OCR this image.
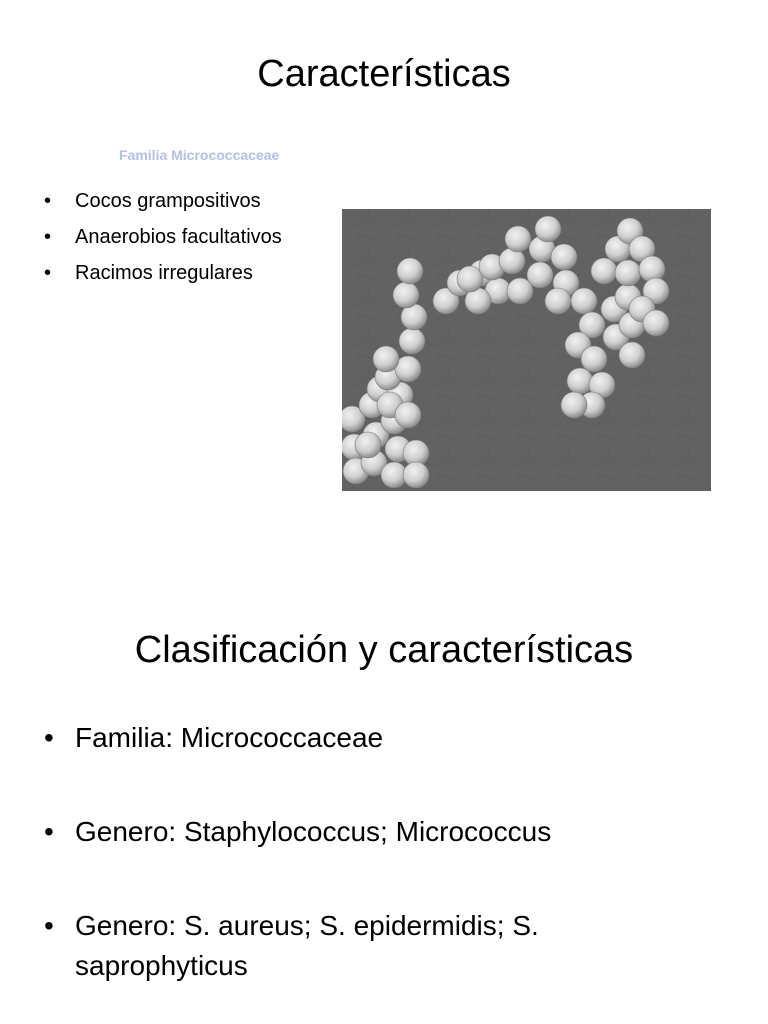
Características
Familia Micrococcaceae
• Cocos grampositivos
• Anaerobios facultativos
• Racimos irregulares
Clasificación y características
• Familia: Micrococcaceae
• Genero: Staphylococcus; Micrococcus
• Genero: S. aureus; S. epidermidis; S. saprophyticus
